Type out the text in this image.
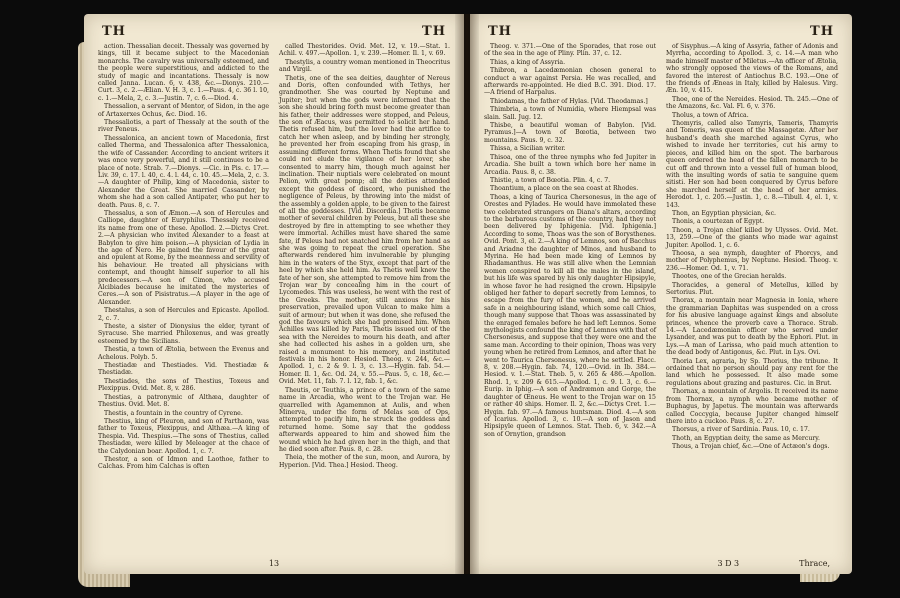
TH	TH

action. Thessalian deceit. Thessaly was governed by kings, till it became subject to the Macedonian monarchs. The cavalry was universally esteemed, and the people were superstitious, and addicted to the study of magic and incantations. Thessaly is now called Janna. Lucan. 6, v. 438, &c.—Dionys. 210.—Curt. 3, c. 2.—Ælian. V. H. 3, c. 1.—Paus. 4, c. 36 l. 10, c. 1.—Mela, 2, c. 3.—Justin. 7, c. 6.—Diod. 4.

Thessalion, a servant of Mentor, of Sidon, in the age of Artaxerxes Ochus, &c. Diod. 16.

Thessaliotis, a part of Thessaly at the south of the river Peneus.

Thessalonica, an ancient town of Macedonia, first called Therma, and Thessalonica after Thessalonica, the wife of Cassander. According to ancient writers it was once very powerful, and it still continues to be a place of note. Strab. 7.—Dionys. —Cic. in Pis. c. 17.—Liv. 39, c. 17. l. 40, c. 4. l. 44, c. 10. 45.—Mela, 2, c. 3.—A daughter of Philip, king of Macedonia, sister to Alexander the Great. She married Cassander, by whom she had a son called Antipater, who put her to death. Paus. 8, c. 7.

Thessalus, a son of Æmon.—A son of Hercules and Calliope, daughter of Euryphilus. Thessaly received its name from one of these. Apollod. 2.—Dictys Cret. 2.—A physician who invited Alexander to a feast at Babylon to give him poison.—A physician of Lydia in the age of Nero. He gained the favour of the great and opulent at Rome, by the meanness and servility of his behaviour. He treated all physicians with contempt, and thought himself superior to all his predecessors.—A son of Cimon, who accused Alcibiades because he imitated the mysteries of Ceres.—A son of Pisistratus.—A player in the age of Alexander.

Thestalus, a son of Hercules and Epicaste. Apollod. 2, c. 7.

Theste, a sister of Dionysius the elder, tyrant of Syracuse. She married Philoxenus, and was greatly esteemed by the Sicilians.

Thestia, a town of Ætolia, between the Evenus and Achelous. Polyb. 5.

Thestiadæ and Thestiades. Vid. Thestiadæ & Thestiadæ.

Thestiades, the sons of Thestius, Toxeus and Plexippus. Ovid. Met. 8, v. 286.

Thestias, a patronymic of Althæa, daughter of Thestius. Ovid. Met. 8.

Thestis, a fountain in the country of Cyrene.

Thestius, king of Pleuron, and son of Parthaon, was father to Toxeus, Plexippus, and Althæa.—A king of Thespia. Vid. Thespius.—The sons of Thestius, called Thestiadæ, were killed by Meleager at the chace of the Calydonian boar. Apollod. 1, c. 7.

Thestor, a son of Idmon and Laothoe, father to Calchas. From him Calchas is often

called Thestorides. Ovid. Met. 12, v. 19.—Stat. 1. Achil. v. 497.—Apollon. 1, v. 239.—Homer. Il. 1, v. 69.

Thestylis, a country woman mentioned in Theocritus and Virgil.

Thetis, one of the sea deities, daughter of Nereus and Doris, often confounded with Tethys, her grandmother. She was courted by Neptune and Jupiter; but when the gods were informed that the son she should bring forth must become greater than his father, their addresses were stopped, and Peleus, the son of Æacus, was permitted to solicit her hand. Thetis refused him, but the lover had the artifice to catch her when asleep, and by binding her strongly, he prevented her from escaping from his grasp, in assuming different forms. When Thetis found that she could not elude the vigilance of her lover, she consented to marry him, though much against her inclination. Their nuptials were celebrated on mount Pelion, with great pomp; all the deities attended except the goddess of discord, who punished the negligence of Peleus, by throwing into the midst of the assembly a golden apple, to be given to the fairest of all the goddesses. [Vid. Discordia.] Thetis became mother of several children by Peleus, but all these she destroyed by fire in attempting to see whether they were immortal. Achilles must have shared the same fate, if Peleus had not snatched him from her hand as she was going to repeat the cruel operation. She afterwards rendered him invulnerable by plunging him in the waters of the Styx, except that part of the heel by which she held him. As Thetis well knew the fate of her son, she attempted to remove him from the Trojan war by concealing him in the court of Lycomedes. This was useless, he went with the rest of the Greeks. The mother, still anxious for his preservation, prevailed upon Vulcan to make him a suit of armour; but when it was done, she refused the god the favours which she had promised him. When Achilles was killed by Paris, Thetis issued out of the sea with the Nereides to mourn his death, and after she had collected his ashes in a golden urn, she raised a monument to his memory, and instituted festivals in his honor. Hesiod. Theog. v. 244, &c.—Apollod. 1, c. 2 & 9. l. 3, c. 13.—Hygin. fab. 54.—Homer. Il. 1, &c. Od. 24, v. 55.—Paus. 5, c. 18, &c.—Ovid. Met. 11, fab. 7. l. 12, fab. 1, &c.

Theutis, or Teuthis, a prince of a town of the same name in Arcadia, who went to the Trojan war. He quarrelled with Agamemnon at Aulis, and when Minerva, under the form of Melas son of Ops, attempted to pacify him, he struck the goddess and returned home. Some say that the goddess afterwards appeared to him and showed him the wound which he had given her in the thigh, and that he died soon after. Paus. 8, c. 28.

Theia, the mother of the sun, moon, and Aurora, by Hyperion. [Vid. Thea.] Hesiod. Theog.

13
TH	TH

Theog. v. 371.—One of the Sporades, that rose out of the sea in the age of Pliny. Plin. 37, c. 12.

Thias, a king of Assyria.

Thibron, a Lacedæmonian chosen general to conduct a war against Persia. He was recalled, and afterwards re-appointed. He died B.C. 391. Diod. 17.—A friend of Harpalus.

Thiodamas, the father of Hylas. [Vid. Theodamas.]

Thimbria, a town of Numidia, where Hiempsal was slain. Sall. Jug. 12.

Thisbe, a beautiful woman of Babylon. [Vid. Pyramus.]—A town of Bœotia, between two mountains. Paus. 9, c. 32.

Thissa, a Sicilian writer.

Thisoa, one of the three nymphs who fed Jupiter in Arcadia. She built a town which bore her name in Arcadia. Paus. 8, c. 38.

Thistie, a town of Bœotia. Plin. 4, c. 7.

Thoantium, a place on the sea coast at Rhodes.

Thoas, a king of Taurica Chersonesus, in the age of Orestes and Pylades. He would have immolated these two celebrated strangers on Diana's altars, according to the barbarous customs of the country, had they not been delivered by Iphigenia. [Vid. Iphigenia.] According to some, Thoas was the son of Borysthenes. Ovid. Pont. 3, el. 2.—A king of Lemnos, son of Bacchus and Ariadne the daughter of Minos, and husband to Myrina. He had been made king of Lemnos by Rhadamanthus. He was still alive when the Lemnian women conspired to kill all the males in the island, but his life was spared by his only daughter Hipsipyle, in whose favor he had resigned the crown. Hipsipyle obliged her father to depart secretly from Lemnos, to escape from the fury of the women, and he arrived safe in a neighbouring island, which some call Chios, though many suppose that Thoas was assassinated by the enraged females before he had left Lemnos. Some mythologists confound the king of Lemnos with that of Chersonesus, and suppose that they were one and the same man. According to their opinion, Thoas was very young when he retired from Lemnos, and after that he went to Taurica Chersonesus, where he settled. Flacc. 8, v. 208.—Hygin. fab. 74, 120.—Ovid. in Ib. 384.—Hesiod. v. 1.—Stat. Theb. 5, v. 265 & 486.—Apollon. Rhod. 1, v. 209 & 615.—Apollod. 1, c. 9. l. 3, c. 6.—Eurip. in Iphig.—A son of Andræmon and Gorge, the daughter of Œneus. He went to the Trojan war on 15 or rather 40 ships. Homer. Il. 2, &c.—Dictys Cret. 1.—Hygin. fab. 97.—A famous huntsman. Diod. 4.—A son of Icarius. Apollod. 3, c. 10.—A son of Jason and Hipsipyle queen of Lemnos. Stat. Theb. 6, v. 342.—A son of Ornytion, grandson

of Sisyphus.—A king of Assyria, father of Adonis and Myrrha, according to Apollod. 3, c. 14.—A man who made himself master of Miletus.—An officer of Ætolia, who strongly opposed the views of the Romans, and favored the interest of Antiochus B.C. 193.—One of the friends of Æneas in Italy, killed by Halesus. Virg. Æn. 10, v. 415.

Thoe, one of the Nereides. Hesiod. Th. 245.—One of the Amazons, &c. Val. Fl. 6, v. 376.

Tholus, a town of Africa.

Thomyris, called also Tamyris, Tameris, Thamyris and Tomeris, was queen of the Massagetæ. After her husband's death she marched against Cyrus, who wished to invade her territories, cut his army to pieces, and killed him on the spot. The barbarous queen ordered the head of the fallen monarch to be cut off and thrown into a vessel full of human blood, with the insulting words of satia te sanguine quem sitisti. Her son had been conquered by Cyrus before she marched herself at the head of her armies. Herodot. 1, c. 205.—Justin. 1, c. 8.—Tibull. 4, el. 1, v. 143.

Thon, an Egyptian physician, &c.

Thonis, a courtezan of Egypt.

Thoon, a Trojan chief killed by Ulysses. Ovid. Met. 13, 259.—One of the giants who made war against Jupiter. Apollod. 1, c. 6.

Thoosa, a sea nymph, daughter of Phorcys, and mother of Polyphemus, by Neptune. Hesiod. Theog. v. 236.—Homer. Od. 1, v. 71.

Thootes, one of the Grecian heralds.

Thoracides, a general of Metellus, killed by Sertorius. Plut.

Thorax, a mountain near Magnesia in Ionia, where the grammarian Daphitas was suspended on a cross for his abusive language against kings and absolute princes, whence the proverb cave a Thorace. Strab. 14.—A Lacedæmonian officer who served under Lysander, and was put to death by the Ephori. Plut. in Lys.—A man of Larissa, who paid much attention to the dead body of Antigonus, &c. Plut. in Lys. Ovi.

Thoria Lex, agraria, by Sp. Thorius, the tribune. It ordained that no person should pay any rent for the land which he possessed. It also made some regulations about grazing and pastures. Cic. in Brut.

Thornax, a mountain of Argolis. It received its name from Thornax, a nymph who became mother of Buphagus, by Japetus. The mountain was afterwards called Coccygia, because Jupiter changed himself there into a cuckoo. Paus. 8, c. 27.

Thorsus, a river of Sardinia. Paus. 10, c. 17.

Thoth, an Egyptian deity, the same as Mercury.

Thous, a Trojan chief, &c.—One of Actæon's dogs.

3 D 3	Thrace,
